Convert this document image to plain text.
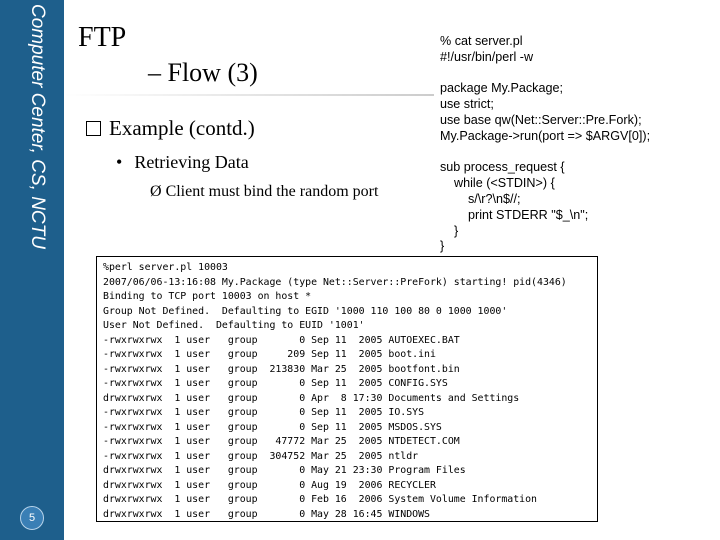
Computer Center, CS, NCTU
5
FTP
– Flow (3)
Example (contd.)
• Retrieving Data
Ø Client must bind the random port
% cat server.pl
#!/usr/bin/perl -w
package My.Package;
use strict;
use base qw(Net::Server::Pre.Fork);
My.Package->run(port => $ARGV[0]);
sub process_request {
while (<STDIN>) {
s/\r?\n$//;
print STDERR "$_\n";
}
}
%perl server.pl 10003
2007/06/06-13:16:08 My.Package (type Net::Server::PreFork) starting! pid(4346)
Binding to TCP port 10003 on host *
Group Not Defined.  Defaulting to EGID '1000 110 100 80 0 1000 1000'
User Not Defined.  Defaulting to EUID '1001'
-rwxrwxrwx  1 user   group       0 Sep 11  2005 AUTOEXEC.BAT
-rwxrwxrwx  1 user   group     209 Sep 11  2005 boot.ini
-rwxrwxrwx  1 user   group  213830 Mar 25  2005 bootfont.bin
-rwxrwxrwx  1 user   group       0 Sep 11  2005 CONFIG.SYS
drwxrwxrwx  1 user   group       0 Apr  8 17:30 Documents and Settings
-rwxrwxrwx  1 user   group       0 Sep 11  2005 IO.SYS
-rwxrwxrwx  1 user   group       0 Sep 11  2005 MSDOS.SYS
-rwxrwxrwx  1 user   group   47772 Mar 25  2005 NTDETECT.COM
-rwxrwxrwx  1 user   group  304752 Mar 25  2005 ntldr
drwxrwxrwx  1 user   group       0 May 21 23:30 Program Files
drwxrwxrwx  1 user   group       0 Aug 19  2006 RECYCLER
drwxrwxrwx  1 user   group       0 Feb 16  2006 System Volume Information
drwxrwxrwx  1 user   group       0 May 28 16:45 WINDOWS
